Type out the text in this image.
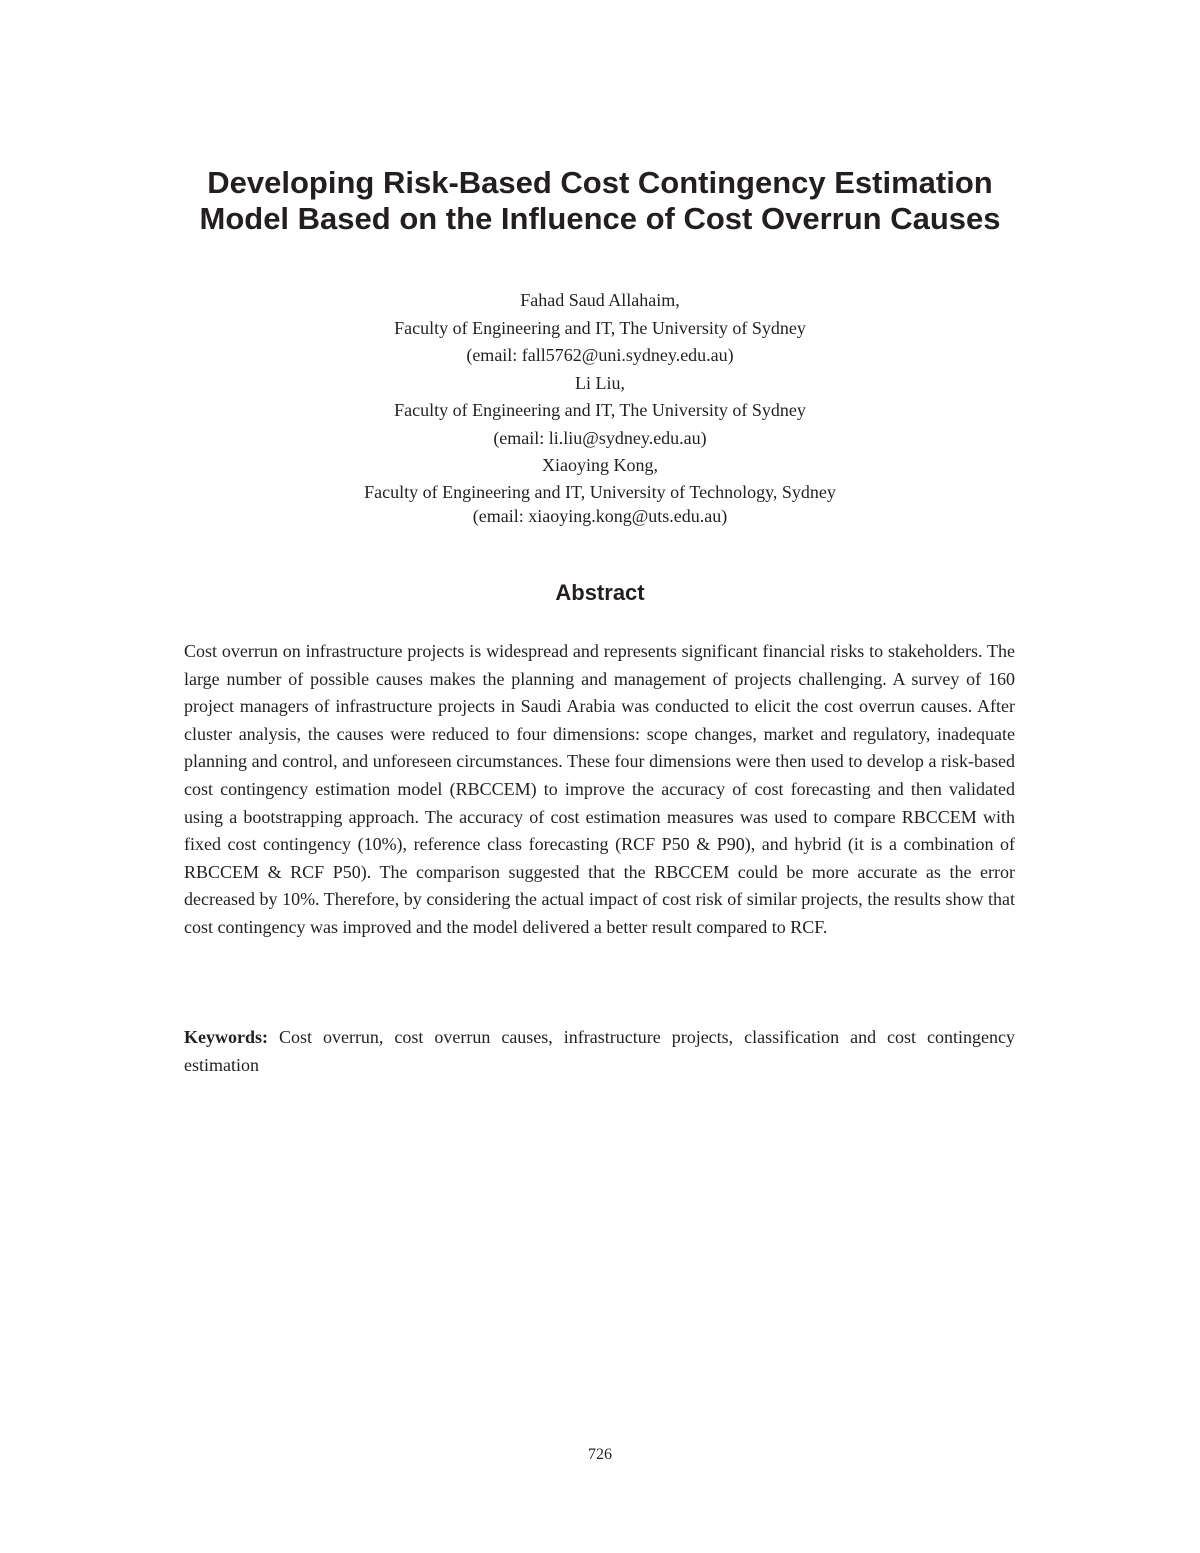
Developing Risk-Based Cost Contingency Estimation
Model Based on the Influence of Cost Overrun Causes
Fahad Saud Allahaim,
Faculty of Engineering and IT, The University of Sydney
(email: fall5762@uni.sydney.edu.au)
Li Liu,
Faculty of Engineering and IT, The University of Sydney
(email: li.liu@sydney.edu.au)
Xiaoying Kong,
Faculty of Engineering and IT, University of Technology, Sydney
(email: xiaoying.kong@uts.edu.au)
Abstract

Cost overrun on infrastructure projects is widespread and represents significant financial risks to stakeholders. The large number of possible causes makes the planning and management of projects challenging. A survey of 160 project managers of infrastructure projects in Saudi Arabia was conducted to elicit the cost overrun causes. After cluster analysis, the causes were reduced to four dimensions: scope changes, market and regulatory, inadequate planning and control, and unforeseen circumstances. These four dimensions were then used to develop a risk-based cost contingency estimation model (RBCCEM) to improve the accuracy of cost forecasting and then validated using a bootstrapping approach. The accuracy of cost estimation measures was used to compare RBCCEM with fixed cost contingency (10%), reference class forecasting (RCF P50 & P90), and hybrid (it is a combination of RBCCEM & RCF P50). The comparison suggested that the RBCCEM could be more accurate as the error decreased by 10%. Therefore, by considering the actual impact of cost risk of similar projects, the results show that cost contingency was improved and the model delivered a better result compared to RCF.

Keywords: Cost overrun, cost overrun causes, infrastructure projects, classification and cost contingency estimation

726
